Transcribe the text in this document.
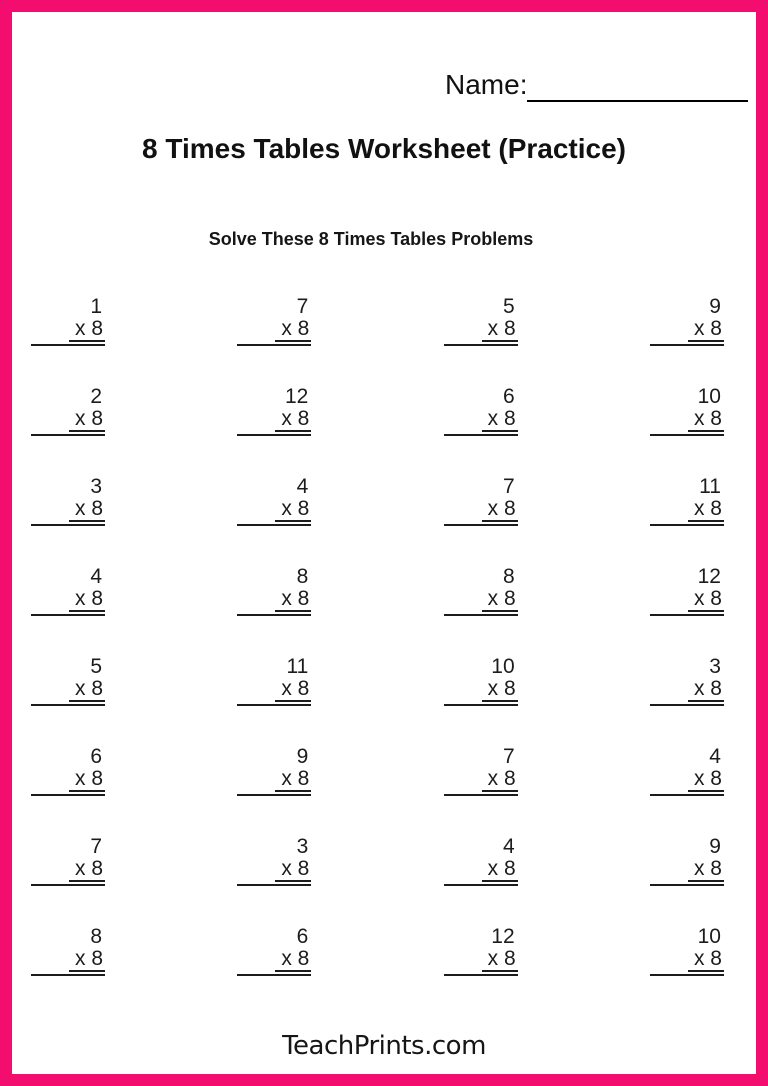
Name:
8 Times Tables Worksheet (Practice)
Solve These 8 Times Tables Problems
1
x 8
7
x 8
5
x 8
9
x 8
2
x 8
12
x 8
6
x 8
10
x 8
3
x 8
4
x 8
7
x 8
11
x 8
4
x 8
8
x 8
8
x 8
12
x 8
5
x 8
11
x 8
10
x 8
3
x 8
6
x 8
9
x 8
7
x 8
4
x 8
7
x 8
3
x 8
4
x 8
9
x 8
8
x 8
6
x 8
12
x 8
10
x 8
TeachPrints.com
